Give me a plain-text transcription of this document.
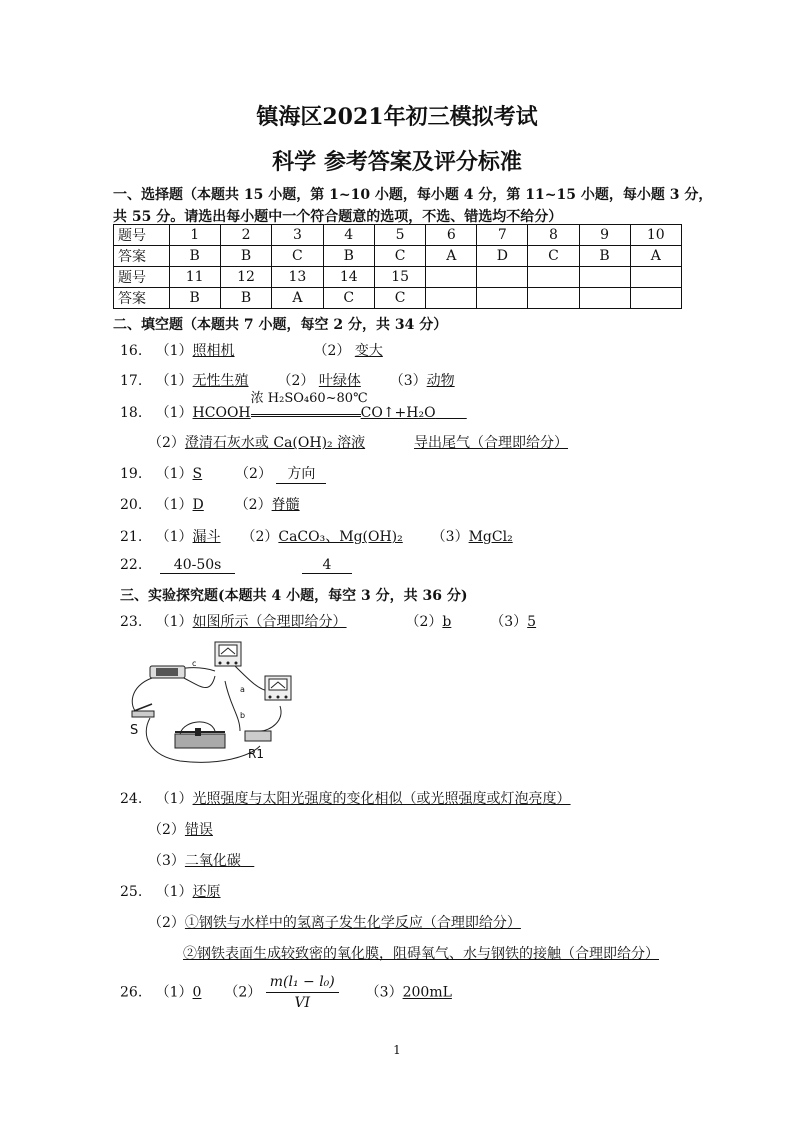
镇海区2021年初三模拟考试
科学 参考答案及评分标准
一、选择题（本题共 15 小题，第 1~10 小题，每小题 4 分，第 11~15 小题，每小题 3 分，
共 55 分。请选出每小题中一个符合题意的选项，不选、错选均不给分）
题号	1	2	3	4	5	6	7	8	9	10
答案	B	B	C	B	C	A	D	C	B	A
题号	11	12	13	14	15					
答案	B	B	A	C	C					
二、填空题（本题共 7 小题，每空 2 分，共 34 分）
16. （1）照相机	（2） 变大
17. （1）无性生殖 （2） 叶绿体 （3）动物
18. （1）HCOOH
浓 H₂SO₄60~80℃
CO↑+H₂O
（2）澄清石灰水或 Ca(OH)₂ 溶液	导出尾气（合理即给分）
19. （1）S （2） 方向
20. （1）D （2）脊髓
21. （1）漏斗 （2）CaCO₃、Mg(OH)₂ （3）MgCl₂
22. 40-50s	4
三、实验探究题(本题共 4 小题，每空 3 分，共 36 分)
23. （1）如图所示（合理即给分）	（2）b	（3）5
S
R1
a
b
c
24. （1）光照强度与太阳光强度的变化相似（或光照强度或灯泡亮度）
（2）错误
（3）二氧化碳
25. （1）还原
（2）①钢铁与水样中的氢离子发生化学反应（合理即给分）
②钢铁表面生成较致密的氧化膜，阻碍氧气、水与钢铁的接触（合理即给分）
26. （1）0 $(2) \frac{\text{m(l₁ − l₀)}}{VI} (3)200mL$
1
